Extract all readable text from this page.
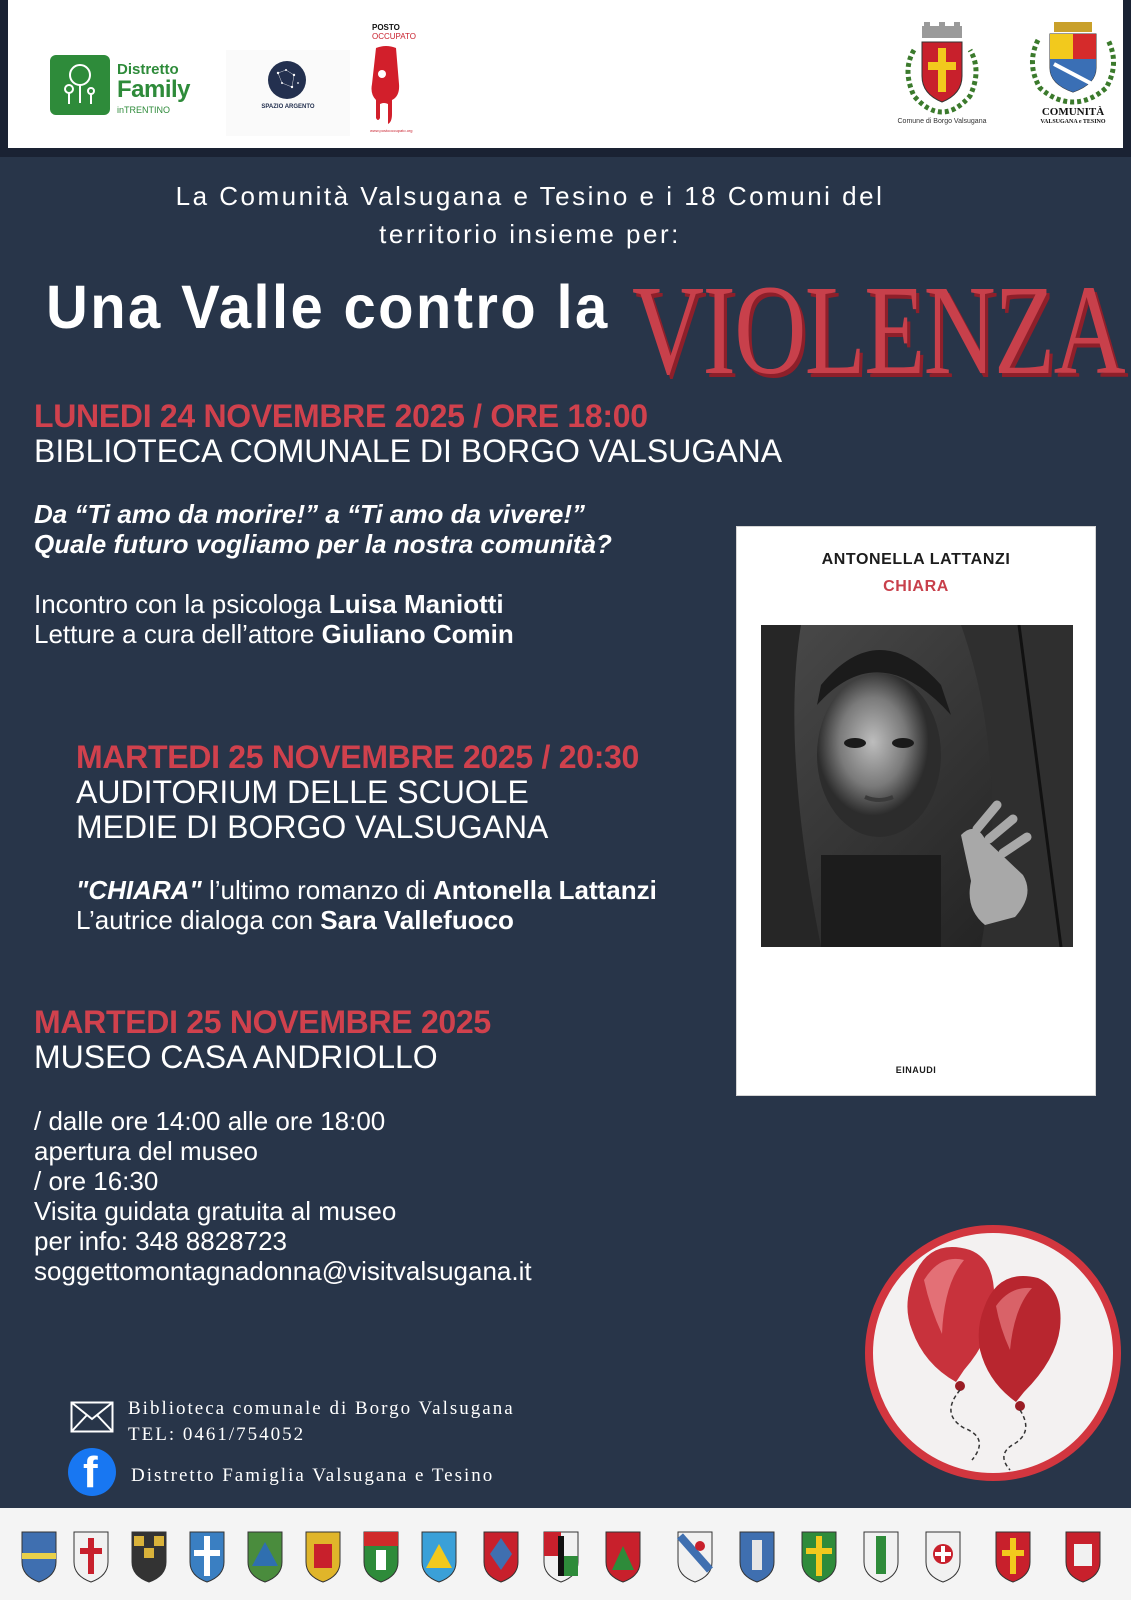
Distretto
Family
inTRENTINO	SPAZIO ARGENTO
POSTO
OCCUPATO
www.postooccupato.org
Comune di Borgo Valsugana
COMUNITÀ
VALSUGANA e TESINO
La Comunità Valsugana e Tesino e i 18 Comuni del
territorio insieme per:
Una Valle contro la VIOLENZA
LUNEDI 24 NOVEMBRE 2025 / ORE 18:00
BIBLIOTECA COMUNALE DI BORGO VALSUGANA
Da “Ti amo da morire!” a “Ti amo da vivere!”
Quale futuro vogliamo per la nostra comunità?
Incontro con la psicologa Luisa Maniotti
Letture a cura dell’attore Giuliano Comin
MARTEDI 25 NOVEMBRE 2025 / 20:30
AUDITORIUM DELLE SCUOLE
MEDIE DI BORGO VALSUGANA
"CHIARA" l’ultimo romanzo di Antonella Lattanzi
L’autrice dialoga con Sara Vallefuoco
MARTEDI 25 NOVEMBRE 2025
MUSEO CASA ANDRIOLLO
/ dalle ore 14:00 alle ore 18:00
apertura del museo
/ ore 16:30
Visita guidata gratuita al museo
per info: 348 8828723
soggettomontagnadonna@visitvalsugana.it
ANTONELLA LATTANZI
CHIARA
EINAUDI
Biblioteca comunale di Borgo Valsugana
TEL: 0461/754052
f Distretto Famiglia Valsugana e Tesino
